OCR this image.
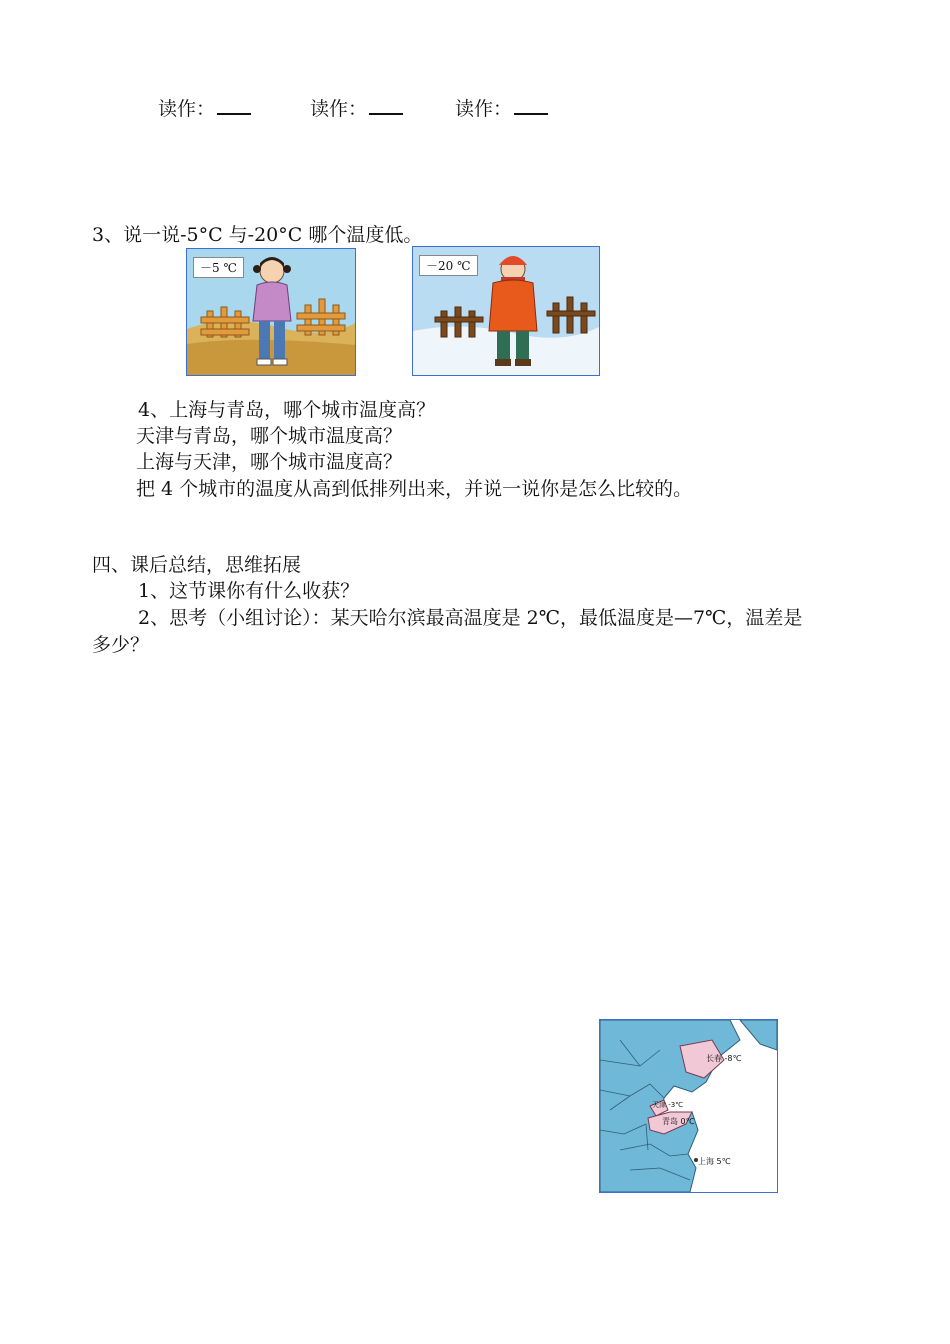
读作：	读作：	读作：
3、说一说-5°C 与-20°C 哪个温度低。
－5 ℃	－20 ℃
4、上海与青岛，哪个城市温度高？
天津与青岛，哪个城市温度高？
上海与天津，哪个城市温度高？
把 4 个城市的温度从高到低排列出来，并说一说你是怎么比较的。
四、课后总结，思维拓展
1、这节课你有什么收获？
2、思考（小组讨论）：某天哈尔滨最高温度是 2℃，最低温度是—7℃，温差是
多少？
长春 -8℃
天津 -3℃
青岛 0℃
上海 5℃
